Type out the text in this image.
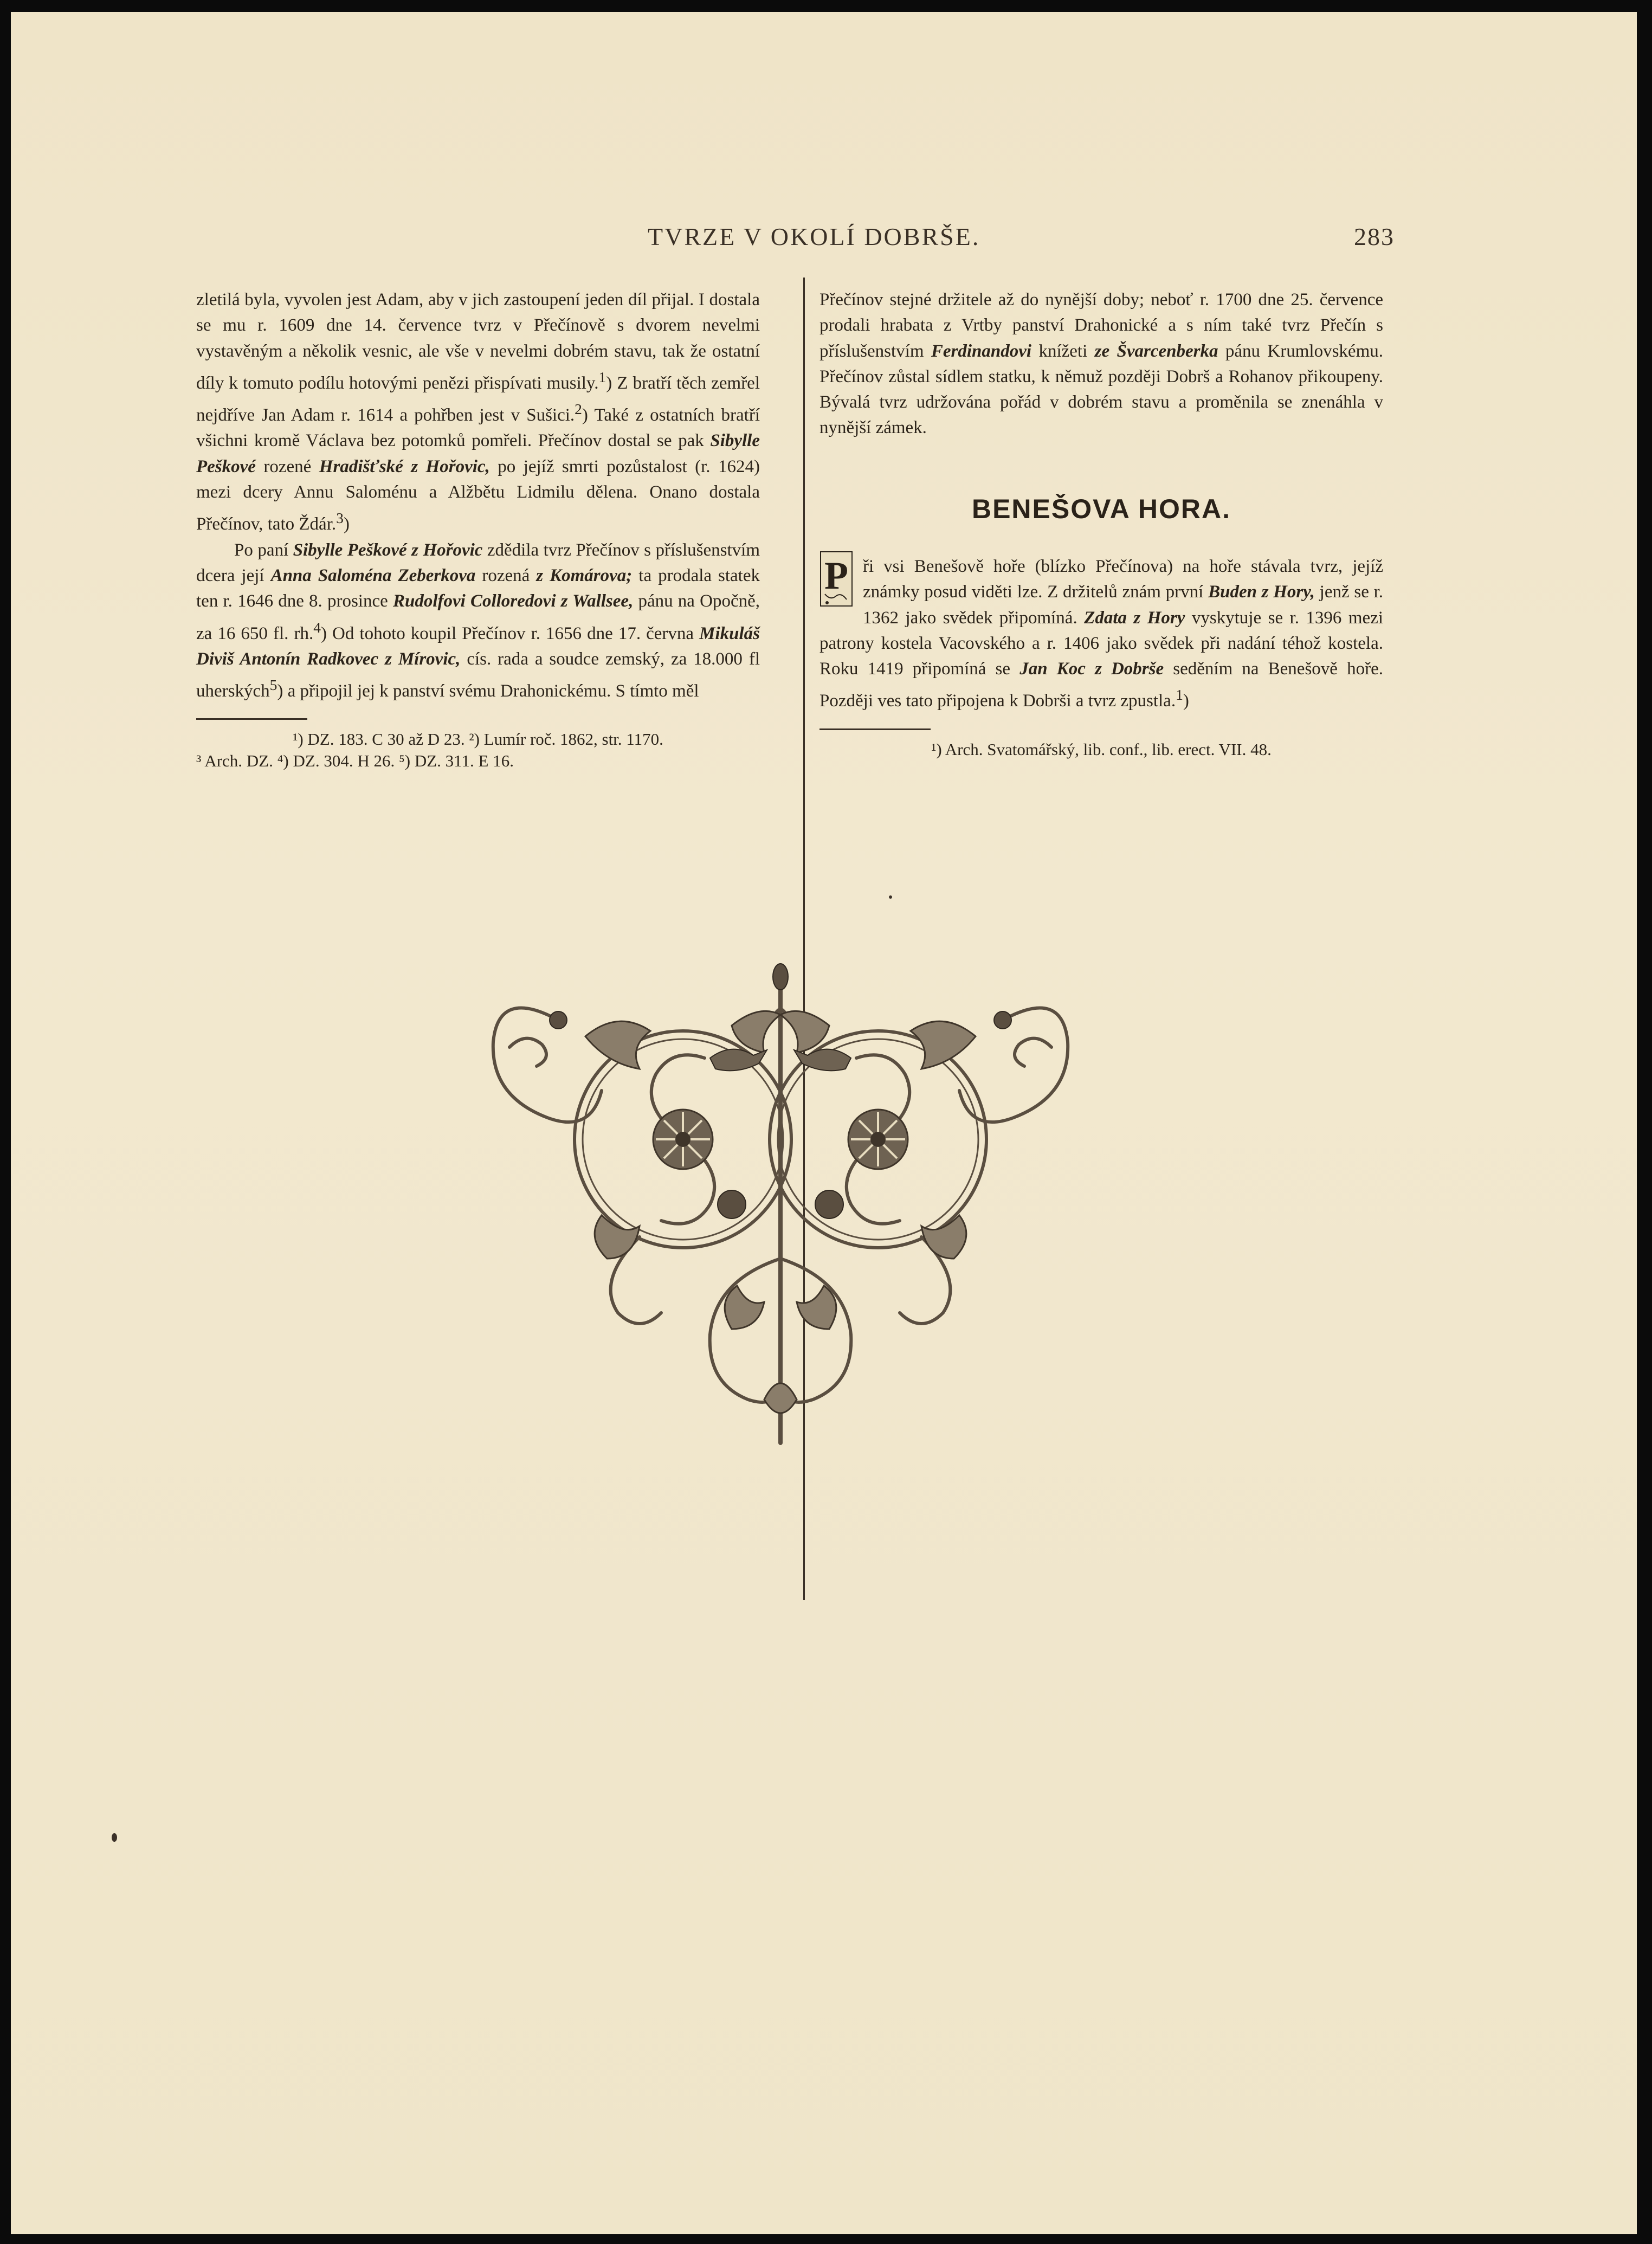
TVRZE V OKOLÍ DOBRŠE.	283

zletilá byla, vyvolen jest Adam, aby v jich zastoupení jeden díl přijal. I dostala se mu r. 1609 dne 14. července tvrz v Přečínově s dvorem nevelmi vystavěným a několik vesnic, ale vše v nevelmi dobrém stavu, tak že ostatní díly k tomuto podílu hotovými penězi přispívati musily.$^1$) Z bratří těch zemřel nejdříve Jan Adam r. 1614 a pohřben jest v Sušici.$^2$) Také z ostatních bratří všichni kromě Václava bez potomků pomřeli. Přečínov dostal se pak Sibylle Peškové rozené Hradišťské z Hořovic, po jejíž smrti pozůstalost (r. 1624) mezi dcery Annu Saloménu a Alžbětu Lidmilu dělena. Onano dostala Přečínov, tato Ždár.$^3$)

Po paní Sibylle Peškové z Hořovic zdědila tvrz Přečínov s příslušenstvím dcera její Anna Saloména Zeberkova rozená z Komárova; ta prodala statek ten r. 1646 dne 8. prosince Rudolfovi Colloredovi z Wallsee, pánu na Opočně, za 16 650 fl. rh.$^4$) Od tohoto koupil Přečínov r. 1656 dne 17. června Mikuláš Diviš Antonín Radkovec z Mírovic, cís. rada a soudce zemský, za 18.000 fl uherských$^5$) a připojil jej k panství svému Drahonickému. S tímto měl

¹) DZ. 183. C 30 až D 23. ²) Lumír roč. 1862, str. 1170.

³ Arch. DZ. ⁴) DZ. 304. H 26. ⁵) DZ. 311. E 16.

Přečínov stejné držitele až do nynější doby; neboť r. 1700 dne 25. července prodali hrabata z Vrtby panství Drahonické a s ním také tvrz Přečín s příslušenstvím Ferdinandovi knížeti ze Švarcenberka pánu Krumlovskému. Přečínov zůstal sídlem statku, k němuž později Dobrš a Rohanov přikoupeny. Bývalá tvrz udržována pořád v dobrém stavu a proměnila se znenáhla v nynější zámek.

BENEŠOVA HORA.

P ři vsi Benešově hoře (blízko Přečínova) na hoře stávala tvrz, jejíž známky posud viděti lze. Z držitelů znám první Buden z Hory, jenž se r. 1362 jako svědek připomíná. Zdata z Hory vyskytuje se r. 1396 mezi patrony kostela Vacovského a r. 1406 jako svědek při nadání téhož kostela. Roku 1419 připomíná se Jan Koc z Dobrše seděním na Benešově hoře. Později ves tato připojena k Dobrši a tvrz zpustla.$^1$)

¹) Arch. Svatomářský, lib. conf., lib. erect. VII. 48.
